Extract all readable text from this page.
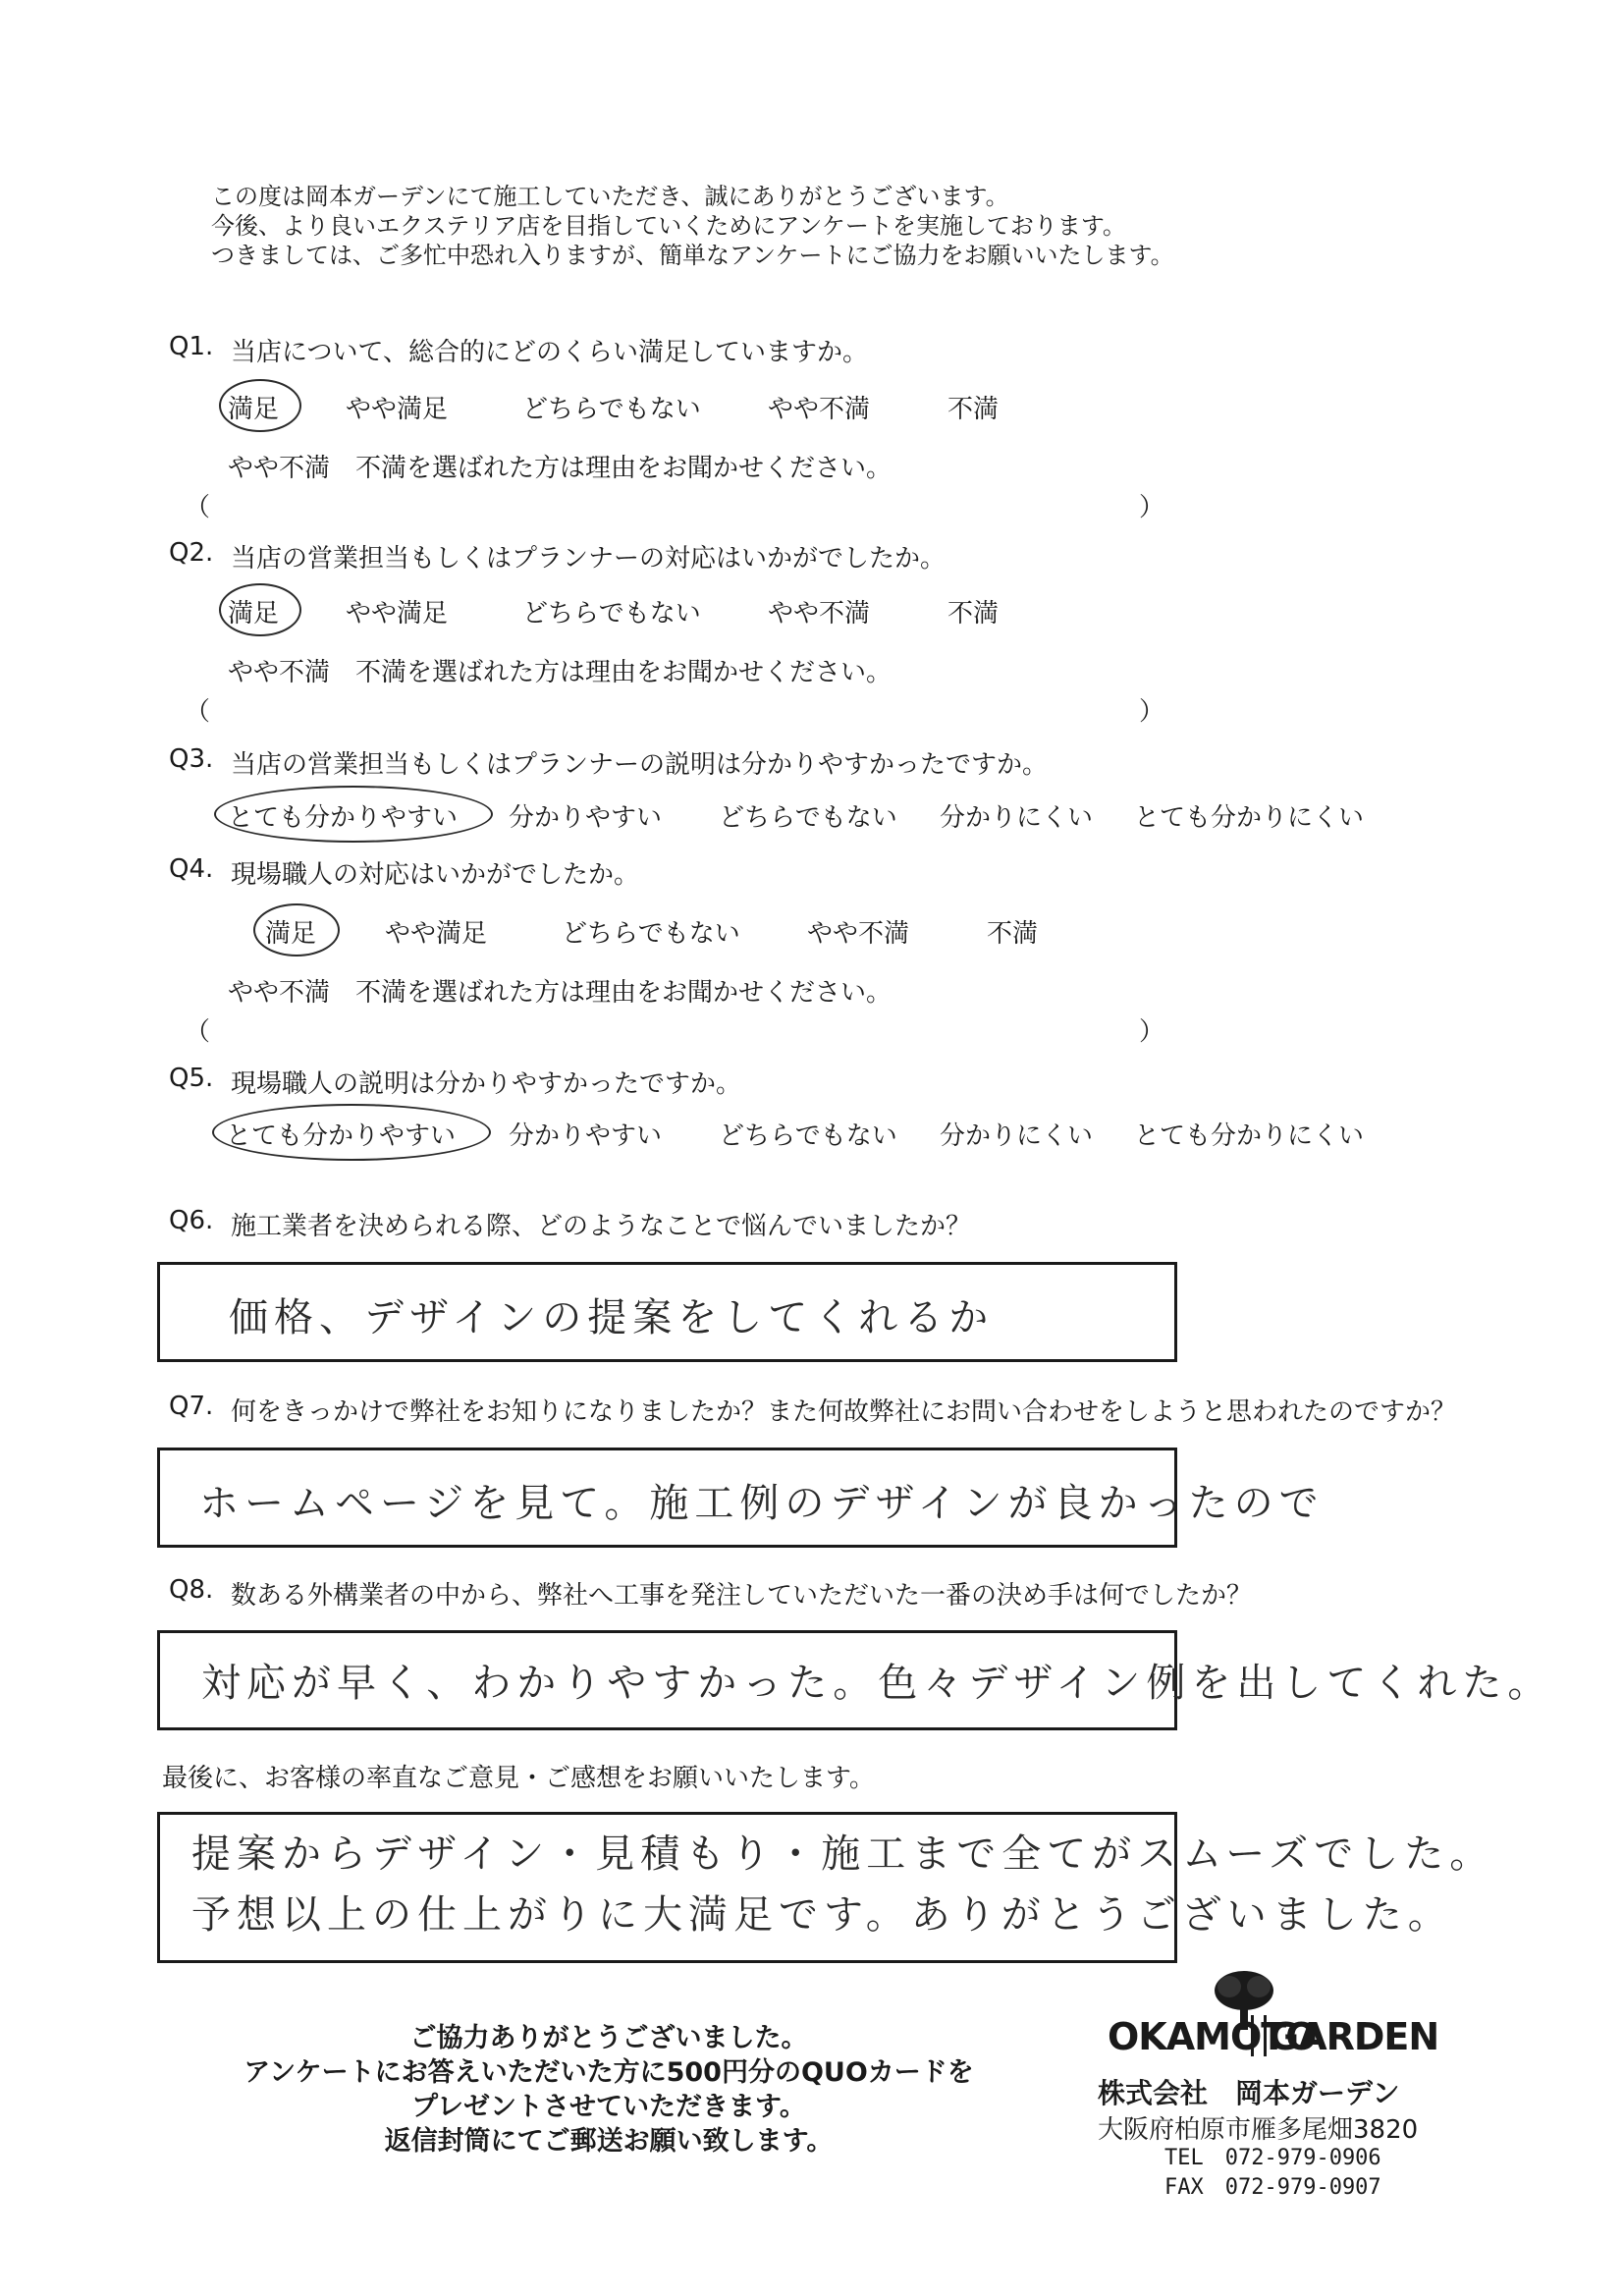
この度は岡本ガーデンにて施工していただき、誠にありがとうございます。
今後、より良いエクステリア店を目指していくためにアンケートを実施しております。
つきましては、ご多忙中恐れ入りますが、簡単なアンケートにご協力をお願いいたします。
Q1. 当店について、総合的にどのくらい満足していますか。
満足	やや満足	どちらでもない	やや不満	不満
やや不満　不満を選ばれた方は理由をお聞かせください。
（	）
Q2. 当店の営業担当もしくはプランナーの対応はいかがでしたか。
満足	やや満足	どちらでもない	やや不満	不満
やや不満　不満を選ばれた方は理由をお聞かせください。
（	）
Q3. 当店の営業担当もしくはプランナーの説明は分かりやすかったですか。
とても分かりやすい 分かりやすい どちらでもない 分かりにくい とても分かりにくい
Q4. 現場職人の対応はいかがでしたか。
満足	やや満足	どちらでもない	やや不満	不満
やや不満　不満を選ばれた方は理由をお聞かせください。
（	）
Q5. 現場職人の説明は分かりやすかったですか。
とても分かりやすい 分かりやすい どちらでもない 分かりにくい とても分かりにくい
Q6. 施工業者を決められる際、どのようなことで悩んでいましたか？
価格、デザインの提案をしてくれるか
Q7. 何をきっかけで弊社をお知りになりましたか？また何故弊社にお問い合わせをしようと思われたのですか？
ホームページを見て。施工例のデザインが良かったので
Q8. 数ある外構業者の中から、弊社へ工事を発注していただいた一番の決め手は何でしたか？
対応が早く、わかりやすかった。色々デザイン例を出してくれた。
最後に、お客様の率直なご意見・ご感想をお願いいたします。
提案からデザイン・見積もり・施工まで全てがスムーズでした。
予想以上の仕上がりに大満足です。ありがとうございました。
ご協力ありがとうございました。
アンケートにお答えいただいた方に500円分のQUOカードを
プレゼントさせていただきます。
返信封筒にてご郵送お願い致します。
OKAMOTO
GARDEN
株式会社　岡本ガーデン
大阪府柏原市雁多尾畑3820
TEL　072-979-0906
FAX　072-979-0907
